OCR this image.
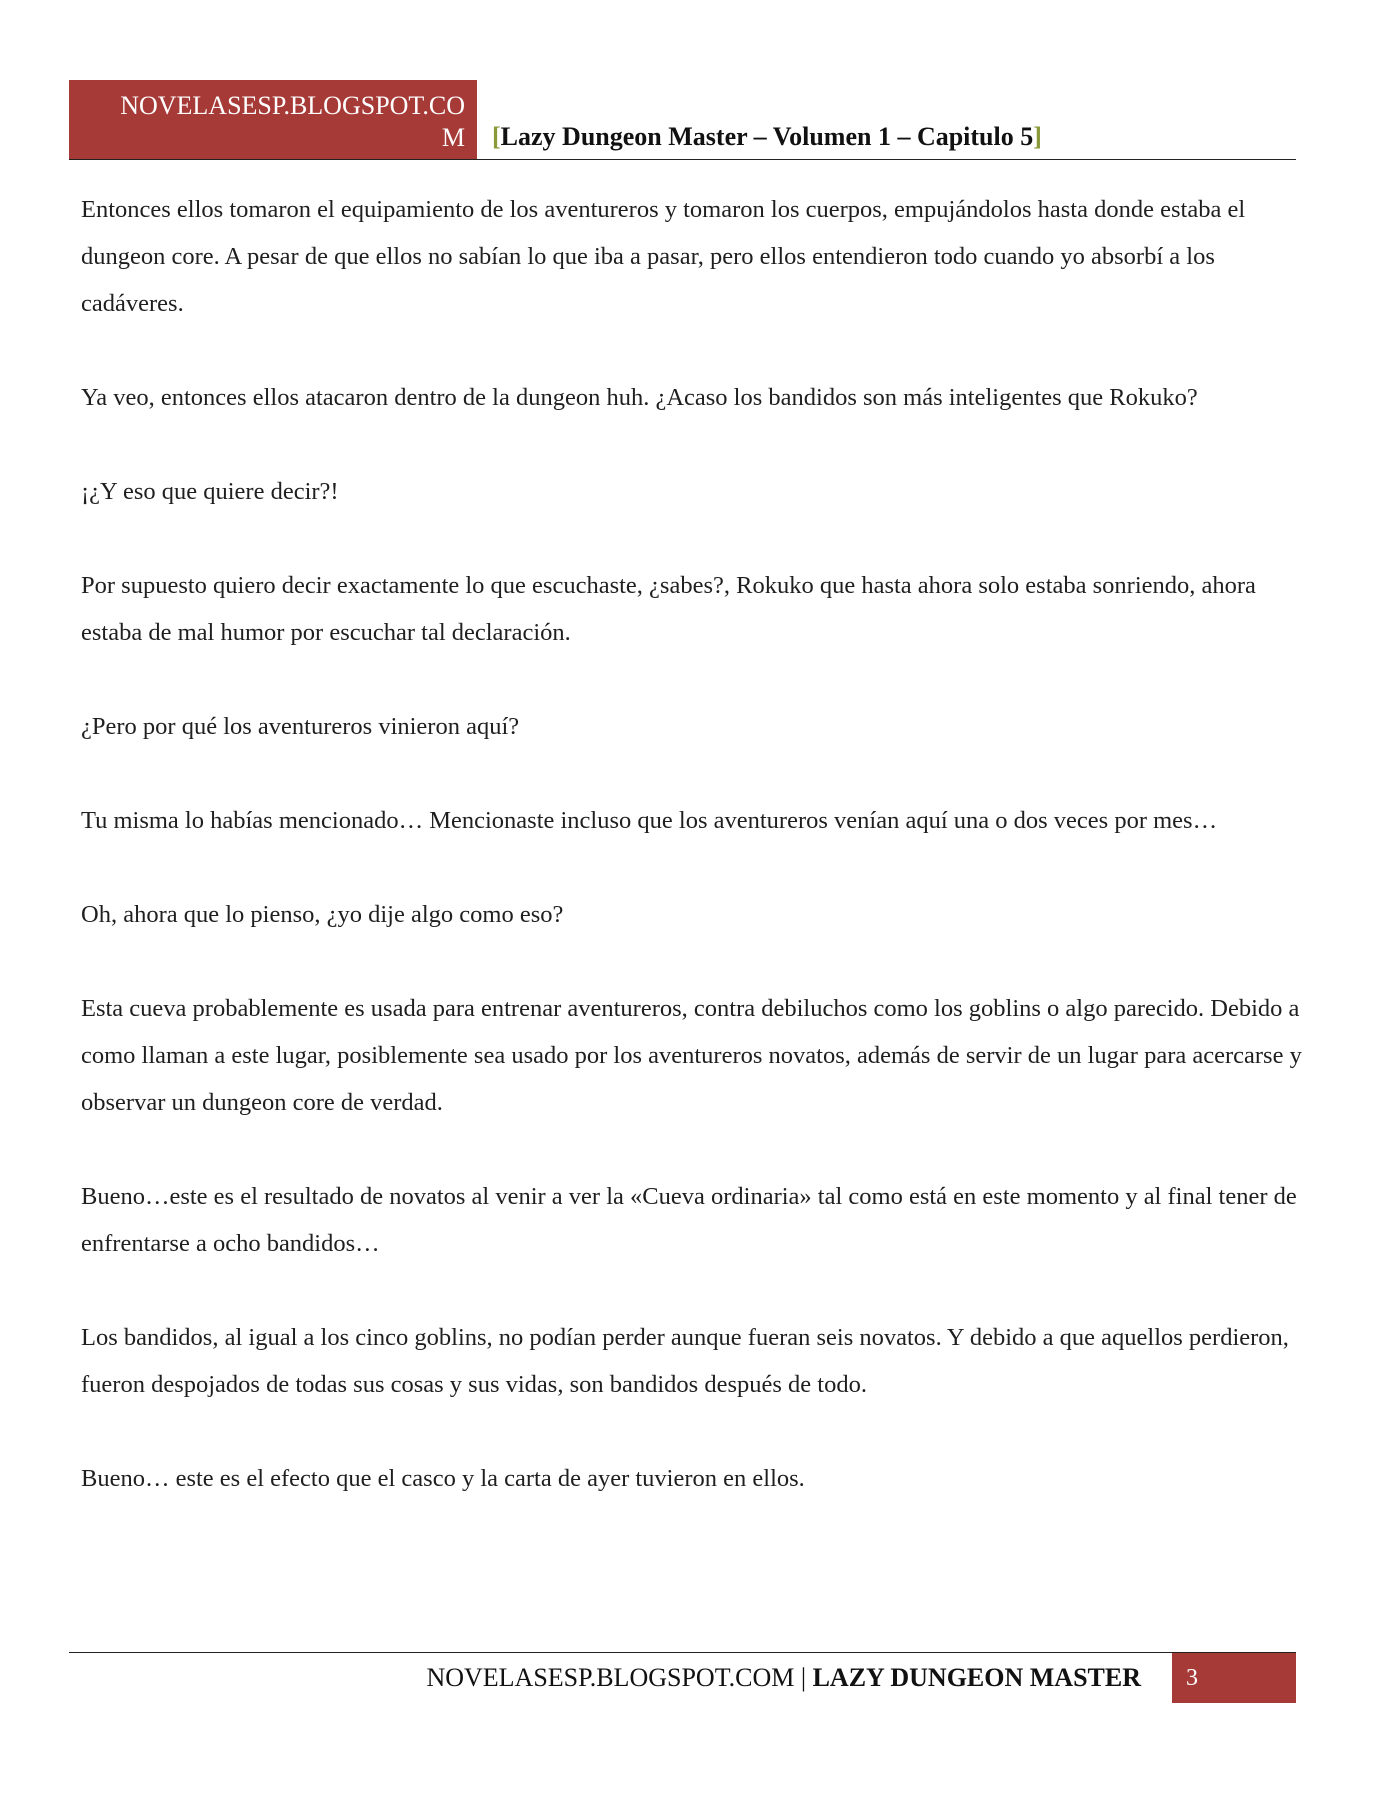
NOVELASESP.BLOGSPOT.COM	[Lazy Dungeon Master – Volumen 1 – Capitulo 5]

Entonces ellos tomaron el equipamiento de los aventureros y tomaron los cuerpos, empujándolos hasta donde estaba el dungeon core. A pesar de que ellos no sabían lo que iba a pasar, pero ellos entendieron todo cuando yo absorbí a los cadáveres.

Ya veo, entonces ellos atacaron dentro de la dungeon huh. ¿Acaso los bandidos son más inteligentes que Rokuko?

¡¿Y eso que quiere decir?!

Por supuesto quiero decir exactamente lo que escuchaste, ¿sabes?, Rokuko que hasta ahora solo estaba sonriendo, ahora estaba de mal humor por escuchar tal declaración.

¿Pero por qué los aventureros vinieron aquí?

Tu misma lo habías mencionado… Mencionaste incluso que los aventureros venían aquí una o dos veces por mes…

Oh, ahora que lo pienso, ¿yo dije algo como eso?

Esta cueva probablemente es usada para entrenar aventureros, contra debiluchos como los goblins o algo parecido. Debido a como llaman a este lugar, posiblemente sea usado por los aventureros novatos, además de servir de un lugar para acercarse y observar un dungeon core de verdad.

Bueno…este es el resultado de novatos al venir a ver la «Cueva ordinaria» tal como está en este momento y al final tener de enfrentarse a ocho bandidos…

Los bandidos, al igual a los cinco goblins, no podían perder aunque fueran seis novatos. Y debido a que aquellos perdieron, fueron despojados de todas sus cosas y sus vidas, son bandidos después de todo.

Bueno… este es el efecto que el casco y la carta de ayer tuvieron en ellos.

NOVELASESP.BLOGSPOT.COM | LAZY DUNGEON MASTER	3
